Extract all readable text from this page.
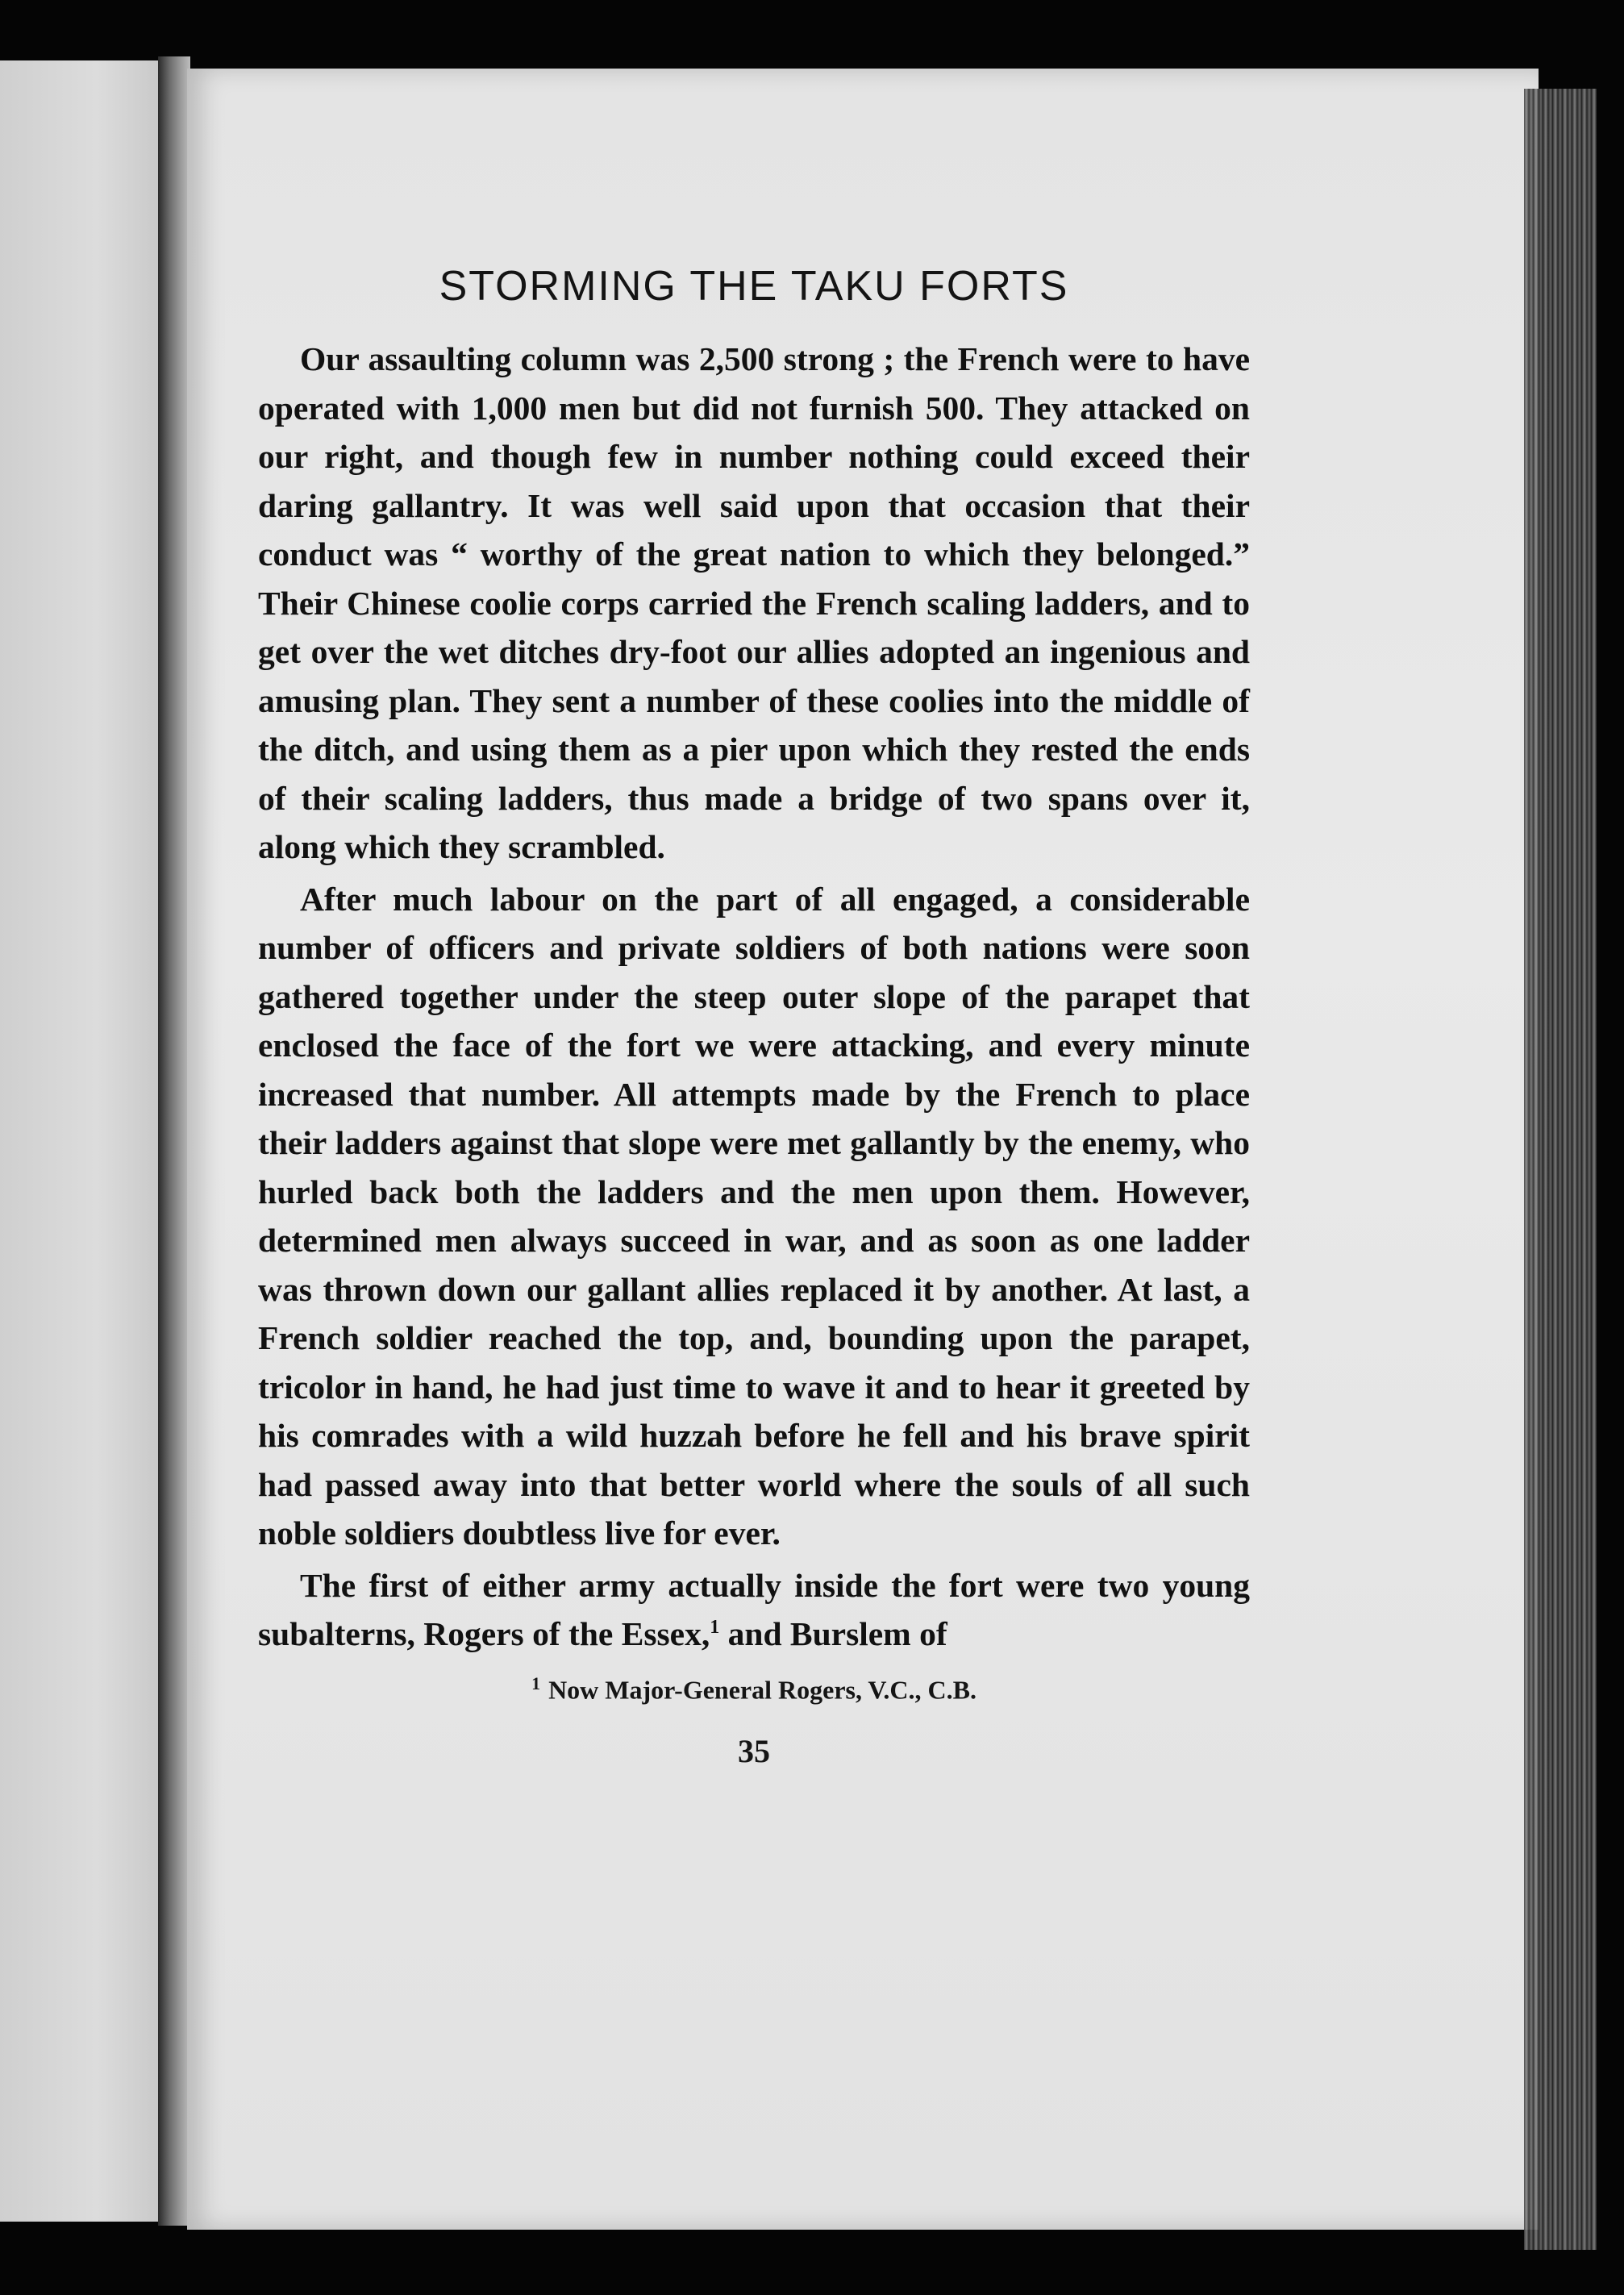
STORMING THE TAKU FORTS

Our assaulting column was 2,500 strong ; the French were to have operated with 1,000 men but did not furnish 500. They attacked on our right, and though few in number nothing could exceed their daring gallantry. It was well said upon that occasion that their conduct was “ worthy of the great nation to which they belonged.” Their Chinese coolie corps carried the French scaling ladders, and to get over the wet ditches dry-foot our allies adopted an ingenious and amusing plan. They sent a number of these coolies into the middle of the ditch, and using them as a pier upon which they rested the ends of their scaling ladders, thus made a bridge of two spans over it, along which they scrambled.

After much labour on the part of all engaged, a considerable number of officers and private soldiers of both nations were soon gathered together under the steep outer slope of the parapet that enclosed the face of the fort we were attacking, and every minute increased that number. All attempts made by the French to place their ladders against that slope were met gallantly by the enemy, who hurled back both the ladders and the men upon them. However, determined men always succeed in war, and as soon as one ladder was thrown down our gallant allies replaced it by another. At last, a French soldier reached the top, and, bounding upon the parapet, tricolor in hand, he had just time to wave it and to hear it greeted by his comrades with a wild huzzah before he fell and his brave spirit had passed away into that better world where the souls of all such noble soldiers doubtless live for ever.

The first of either army actually inside the fort were two young subalterns, Rogers of the Essex,$^1$ and Burslem of

$^1$ Now Major-General Rogers, V.C., C.B.
35
